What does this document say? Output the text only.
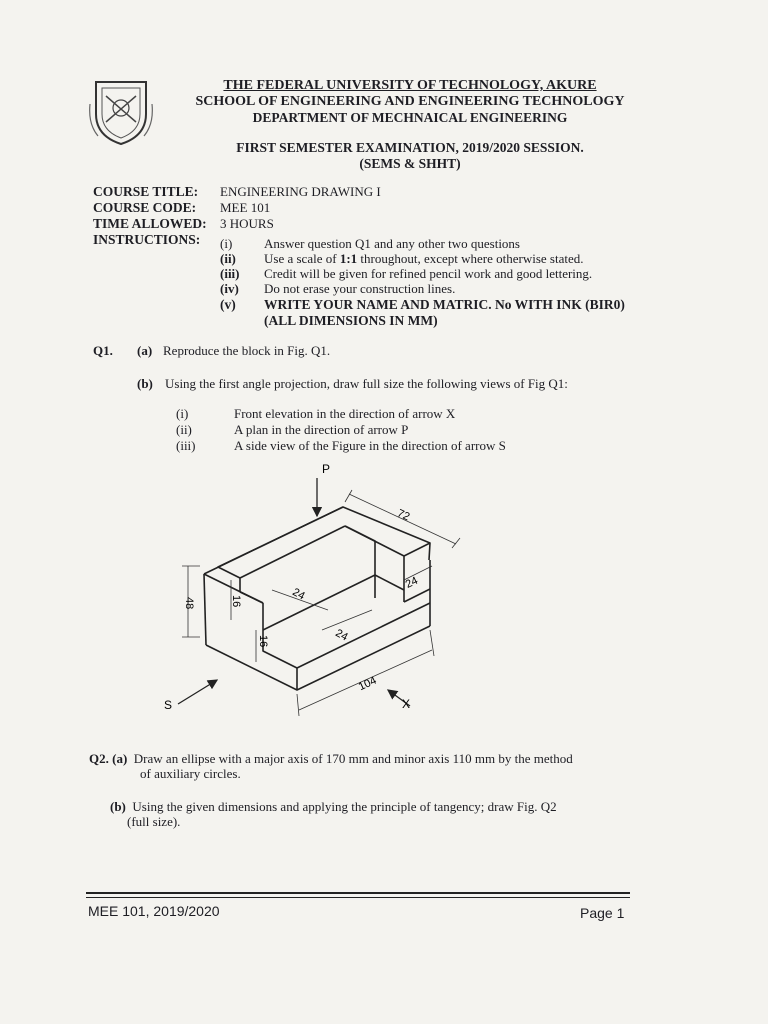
THE FEDERAL UNIVERSITY OF TECHNOLOGY, AKURE
SCHOOL OF ENGINEERING AND ENGINEERING TECHNOLOGY
DEPARTMENT OF MECHNAICAL ENGINEERING
FIRST SEMESTER EXAMINATION, 2019/2020 SESSION.
(SEMS & SHHT)
COURSE TITLE: ENGINEERING DRAWING I
COURSE CODE: MEE 101
TIME ALLOWED: 3 HOURS
INSTRUCTIONS:	(i) Answer question Q1 and any other two questions
(ii) Use a scale of 1:1 throughout, except where otherwise stated.
(iii) Credit will be given for refined pencil work and good lettering.
(iv) Do not erase your construction lines.
(v) WRITE YOUR NAME AND MATRIC. No WITH INK (BIR0)
(ALL DIMENSIONS IN MM)
Q1. (a) Reproduce the block in Fig. Q1.
(b) Using the first angle projection, draw full size the following views of Fig Q1:
(i)	Front elevation in the direction of arrow X
(ii)	A plan in the direction of arrow P
(iii)	A side view of the Figure in the direction of arrow S
P
S	X
72
48	16
16
24
24
24
104
Q2. (a) Draw an ellipse with a major axis of 170 mm and minor axis 110 mm by the method
of auxiliary circles.
(b) Using the given dimensions and applying the principle of tangency; draw Fig. Q2
(full size).
MEE 101, 2019/2020	Page 1
